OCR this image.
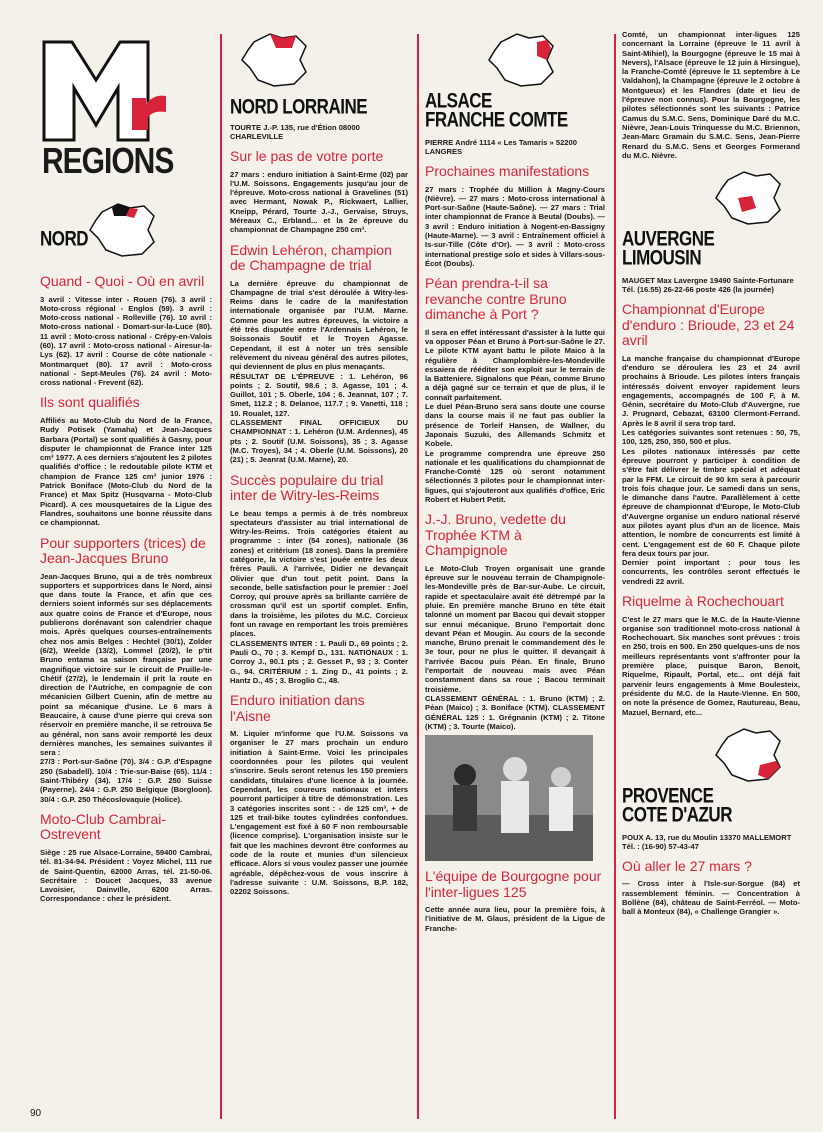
REGIONS
NORD
Quand - Quoi - Où en avril
3 avril : Vitesse inter - Rouen (76). 3 avril : Moto-cross régional - Englos (59). 3 avril : Moto-cross national - Rolleville (76). 10 avril : Moto-cross national - Domart-sur-la-Luce (80). 11 avril : Moto-cross national - Crépy-en-Valois (60). 17 avril : Moto-cross national - Airesur-la-Lys (62). 17 avril : Course de côte nationale - Montmarquet (80). 17 avril : Moto-cross national - Sept-Meules (76). 24 avril : Moto-cross national - Frevent (62).
Ils sont qualifiés
Affiliés au Moto-Club du Nord de la France, Rudy Potisek (Yamaha) et Jean-Jacques Barbara (Portal) se sont qualifiés à Gasny, pour disputer le championnat de France inter 125 cm³ 1977. A ces derniers s'ajoutent les 2 pilotes qualifiés d'office : le redoutable pilote KTM et champion de France 125 cm³ junior 1976 : Patrick Boniface (Moto-Club du Nord de la France) et Max Spitz (Husqvarna - Moto-Club Picard). A ces mousquetaires de la Ligue des Flandres, souhaitons une bonne réussite dans ce championnat.
Pour supporters (trices) de Jean-Jacques Bruno
Jean-Jacques Bruno, qui a de très nombreux supporters et supportrices dans le Nord, ainsi que dans toute la France, et afin que ces derniers soient informés sur ses déplacements aux quatre coins de France et d'Europe, nous publierons dorénavant son calendrier chaque mois. Après quelques courses-entraînements chez nos amis Belges : Hechtel (30/1), Zolder (6/2), Weelde (13/2), Lommel (20/2), le p'tit Bruno entama sa saison française par une magnifique victoire sur le circuit de Pruille-le-Chétif (27/2), le lendemain il prit la route en direction de l'Autriche, en compagnie de con mécanicien Gilbert Cuenin, afin de mettre au point sa mécanique d'usine. Le 6 mars à Beaucaire, à cause d'une pierre qui creva son réservoir en première manche, il se retrouva 5e au général, non sans avoir remporté les deux dernières manches, les semaines suivantes il sera :
27/3 : Port-sur-Saône (70). 3/4 : G.P. d'Espagne 250 (Sabadell). 10/4 : Trie-sur-Baise (65). 11/4 : Saint-Thibéry (34). 17/4 : G.P. 250 Suisse (Payerne). 24/4 : G.P. 250 Belgique (Borgloon). 30/4 : G.P. 250 Thécoslovaquie (Holice).
Moto-Club Cambrai-Ostrevent
Siège : 25 rue Alsace-Lorraine, 59400 Cambrai, tél. 81-34-94. Président : Voyez Michel, 111 rue de Saint-Quentin, 62000 Arras, tél. 21-50-06. Secrétaire : Doucet Jacques, 33 avenue Lavoisier, Dainville, 6200 Arras. Correspondance : chez le président.
NORD LORRAINE
TOURTE J.-P. 135, rue d'Étion 08000 CHARLEVILLE
Sur le pas de votre porte
27 mars : enduro initiation à Saint-Erme (02) par l'U.M. Soissons. Engagements jusqu'au jour de l'épreuve. Moto-cross national à Gravelines (51) avec Hermant, Nowak P., Rickwaert, Lallier, Kneipp, Pérard, Tourte J.-J., Gervaise, Struys, Méreaux C., Erbland... et la 2e épreuve du championnat de Champagne 250 cm³.
Edwin Lehéron, champion de Champagne de trial
La dernière épreuve du championnat de Champagne de trial s'est déroulée à Witry-les-Reims dans le cadre de la manifestation internationale organisée par l'U.M. Marne. Comme pour les autres épreuves, la victoire a été très disputée entre l'Ardennais Lehéron, le Soissonais Soutif et le Troyen Agasse. Cependant, il est à noter un très sensible relèvement du niveau général des autres pilotes, qui deviennent de plus en plus menaçants.
RÉSULTAT DE L'ÉPREUVE : 1. Lehéron, 96 points ; 2. Soutif, 98.6 ; 3. Agasse, 101 ; 4. Guillot, 101 ; 5. Oberle, 104 ; 6. Jeannat, 107 ; 7. Smet, 112.2 ; 8. Delanoe, 117.7 ; 9. Vanetti, 118 ; 10. Roualet, 127.
CLASSEMENT FINAL OFFICIEUX DU CHAMPIONNAT : 1. Lehéron (U.M. Ardennes), 45 pts ; 2. Soutif (U.M. Soissons), 35 ; 3. Agasse (M.C. Troyes), 34 ; 4. Oberle (U.M. Soissons), 20 (21) ; 5. Jeanrat (U.M. Marne), 20.
Succès populaire du trial inter de Witry-les-Reims
Le beau temps a permis à de très nombreux spectateurs d'assister au trial international de Witry-les-Reims. Trois catégories étaient au programme : inter (54 zones), nationale (36 zones) et critérium (18 zones). Dans la première catégorie, la victoire s'est jouée entre les deux frères Pauli. A l'arrivée, Didier ne devançait Olivier que d'un tout petit point. Dans la seconde, belle satisfaction pour le premier : Joël Corroy, qui prouve après sa brillante carrière de crossman qu'il est un sportif complet. Enfin, dans la troisième, les pilotes du M.C. Corcieux font un ravage en remportant les trois premières places.
CLASSEMENTS INTER : 1. Pauli D., 69 points ; 2. Pauli O., 70 ; 3. Kempf D., 131. NATIONAUX : 1. Corroy J., 90.1 pts ; 2. Gesset P., 93 ; 3. Conter G., 94. CRITÉRIUM : 1. Zing D., 41 points ; 2. Hantz D., 45 ; 3. Broglio C., 48.
Enduro initiation dans l'Aisne
M. Liquier m'informe que l'U.M. Soissons va organiser le 27 mars prochain un enduro initiation à Saint-Erme. Voici les principales coordonnées pour les pilotes qui veulent s'inscrire. Seuls seront retenus les 150 premiers candidats, titulaires d'une licence à la journée. Cependant, les coureurs nationaux et inters pourront participer à titre de démonstration. Les 3 catégories inscrites sont : - de 125 cm³, + de 125 et trail-bike toutes cylindrées confondues. L'engagement est fixé à 60 F non remboursable (licence comprise). L'organisation insiste sur le fait que les machines devront être conformes au code de la route et munies d'un silencieux efficace. Alors si vous voulez passer une journée agréable, dépêchez-vous de vous inscrire à l'adresse suivante : U.M. Soissons, B.P. 182, 02202 Soissons.
ALSACE
FRANCHE COMTE
PIERRE André 1114 « Les Tamaris » 52200 LANGRES
Prochaines manifestations
27 mars : Trophée du Million à Magny-Cours (Nièvre). — 27 mars : Moto-cross international à Port-sur-Saône (Haute-Saône). — 27 mars : Trial inter championnat de France à Beutal (Doubs). — 3 avril : Enduro initiation à Nogent-en-Bassigny (Haute-Marne). — 3 avril : Entraînement officiel à Is-sur-Tille (Côte d'Or). — 3 avril : Moto-cross international prestige solo et sides à Villars-sous-Écot (Doubs).
Péan prendra-t-il sa revanche contre Bruno dimanche à Port ?
Il sera en effet intéressant d'assister à la lutte qui va opposer Péan et Bruno à Port-sur-Saône le 27. Le pilote KTM ayant battu le pilote Maico à la régulière à Champlombière-les-Mondeville essaiera de rééditer son exploit sur le terrain de la Batteniere. Signalons que Péan, comme Bruno a déjà gagné sur ce terrain et que de plus, il le connaît parfaitement.
Le duel Péan-Bruno sera sans doute une course dans la course mais il ne faut pas oublier la présence de Torleif Hansen, de Wallner, du Japonais Suzuki, des Allemands Schmitz et Kobele.
Le programme comprendra une épreuve 250 nationale et les qualifications du championnat de Franche-Comté 125 où seront notamment sélectionnés 3 pilotes pour le championnat inter-ligues, qui s'ajouteront aux qualifiés d'office, Eric Robert et Hubert Petit.
J.-J. Bruno, vedette du Trophée KTM à Champignole
Le Moto-Club Troyen organisait une grande épreuve sur le nouveau terrain de Champignole-les-Mondeville près de Bar-sur-Aube. Le circuit, rapide et spectaculaire avait été détrempé par la pluie. En première manche Bruno en tête était talonné un moment par Bacou qui devait stopper sur ennui mécanique. Bruno l'emportait donc devant Péan et Mougin. Au cours de la seconde manche, Bruno prenait le commandement dès le 3e tour, pour ne plus le quitter. Il devançait à l'arrivée Bacou puis Péan. En finale, Bruno l'emportait de nouveau mais avec Péan constamment dans sa roue ; Bacou terminait troisième.
CLASSEMENT GÉNÉRAL : 1. Bruno (KTM) ; 2. Péan (Maico) ; 3. Boniface (KTM). CLASSEMENT GÉNÉRAL 125 : 1. Grégnanin (KTM) ; 2. Titone (KTM) ; 3. Tourte (Maico).
L'équipe de Bourgogne pour l'inter-ligues 125
Cette année aura lieu, pour la première fois, à l'initiative de M. Glaus, président de la Ligue de Franche-
Comté, un championnat inter-ligues 125 concernant la Lorraine (épreuve le 11 avril à Saint-Mihiel), la Bourgogne (épreuve le 15 mai à Nevers), l'Alsace (épreuve le 12 juin à Hirsingue), la Franche-Comté (épreuve le 11 septembre à Le Valdahon), la Champagne (épreuve le 2 octobre à Montgueux) et les Flandres (date et lieu de l'épreuve non connus). Pour la Bourgogne, les pilotes sélectionnés sont les suivants : Patrice Camus du S.M.C. Sens, Dominique Daré du M.C. Nièvre, Jean-Louis Trinquesse du M.C. Briennon, Jean-Marc Gramain du S.M.C. Sens, Jean-Pierre Renard du S.M.C. Sens et Georges Formerand du M.C. Nièvre.
AUVERGNE
LIMOUSIN
MAUGET Max Lavergne 19490 Sainte-Fortunare Tél. (16.55) 26-22-66 poste 426 (la journée)
Championnat d'Europe d'enduro : Brioude, 23 et 24 avril
La manche française du championnat d'Europe d'enduro se déroulera les 23 et 24 avril prochains à Brioude. Les pilotes inters français intéressés doivent envoyer rapidement leurs engagements, accompagnés de 100 F, à M. Génin, secrétaire du Moto-Club d'Auvergne, rue J. Prugnard, Cebazat, 63100 Clermont-Ferrand. Après le 8 avril il sera trop tard.
Les catégories suivantes sont retenues : 50, 75, 100, 125, 250, 350, 500 et plus.
Les pilotes nationaux intéressés par cette épreuve pourront y participer à condition de s'être fait délivrer le timbre spécial et adéquat par la FFM. Le circuit de 90 km sera à parcourir trois fois chaque jour. Le samedi dans un sens, le dimanche dans l'autre. Parallèlement à cette épreuve de championnat d'Europe, le Moto-Club d'Auvergne organise un enduro national réservé aux pilotes ayant plus d'un an de licence. Mais attention, le nombre de concurrents est limité à cent. L'engagement est de 60 F. Chaque pilote fera deux tours par jour.
Dernier point important : pour tous les concurrents, les contrôles seront effectués le vendredi 22 avril.
Riquelme à Rochechouart
C'est le 27 mars que le M.C. de la Haute-Vienne organise son traditionnel moto-cross national à Rochechouart. Six manches sont prévues : trois en 250, trois en 500. En 250 quelques-uns de nos meilleurs représentants vont s'affronter pour la première place, puisque Baron, Benoit, Riquelme, Ripault, Portal, etc... ont déjà fait parvenir leurs engagements à Mme Boulesteix, présidente du M.C. de la Haute-Vienne. En 500, on note la présence de Gomez, Rautureau, Beau, Mazuel, Bernard, etc...
PROVENCE
COTE D'AZUR
POUX A. 13, rue du Moulin 13370 MALLEMORT Tél. : (16-90) 57-43-47
Où aller le 27 mars ?
— Cross inter à l'Isle-sur-Sorgue (84) et rassemblement féminin. — Concentration à Bollène (84), château de Saint-Ferréol. — Moto-ball à Monteux (84), « Challenge Grangier ».
90
